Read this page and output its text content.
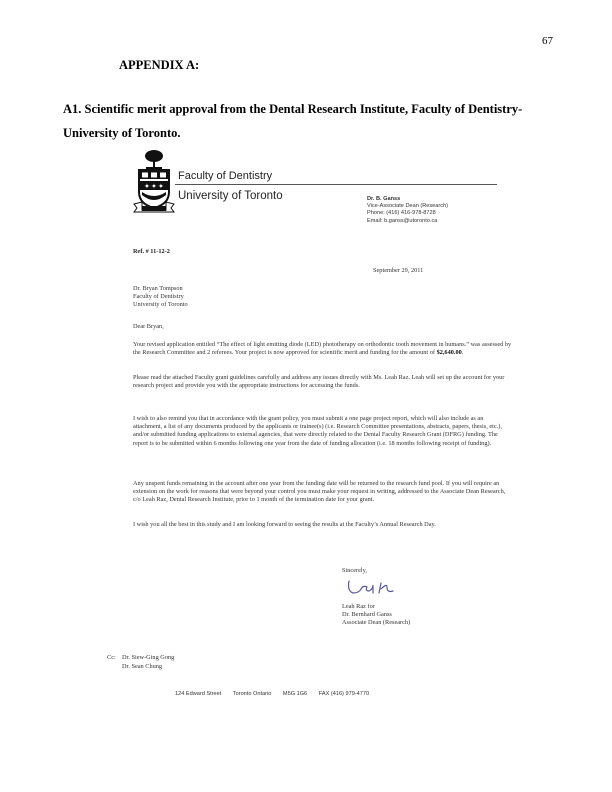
67
APPENDIX A:
A1. Scientific merit approval from the Dental Research Institute, Faculty of Dentistry-University of Toronto.
✦ ✦ ✦
Faculty of Dentistry
University of Toronto	Dr. B. Ganss
Vice-Associate Dean (Research)
Phone: (416) 416-978-8728
Email: b.ganss@utoronto.ca
Ref. # 11-12-2
September 29, 2011
Dr. Bryan Tompson
Faculty of Dentistry
University of Toronto
Dear Bryan,
Your revised application entitled “The effect of light emitting diode (LED) phototherapy on orthodontic tooth movement in humans.” was assessed by the Research Committee and 2 referees. Your project is now approved for scientific merit and funding for the amount of $2,640.00.
Please read the attached Faculty grant guidelines carefully and address any issues directly with Ms. Leah Raz. Leah will set up the account for your research project and provide you with the appropriate instructions for accessing the funds.
I wish to also remind you that in accordance with the grant policy, you must submit a one page project report, which will also include as an attachment, a list of any documents produced by the applicants or trainee(s) (i.e. Research Committee presentations, abstracts, papers, thesis, etc.), and/or submitted funding applications to external agencies, that were directly related to the Dental Faculty Research Grant (DFRG) funding. The report is to be submitted within 6 months following one year from the date of funding allocation (i.e. 18 months following receipt of funding).
Any unspent funds remaining in the account after one year from the funding date will be returned to the research fund pool. If you will require an extension on the work for reasons that were beyond your control you must make your request in writing, addressed to the Associate Dean Research, c/o Leah Raz, Dental Research Institute, prior to 1 month of the termination date for your grant.
I wish you all the best in this study and I am looking forward to seeing the results at the Faculty’s Annual Research Day.
Sincerely,
Leah Raz for
Dr. Bernhard Ganss
Associate Dean (Research)
Cc: Dr. Siew-Ging Gong
Dr. Sean Chung
124 Edward Street Toronto Ontario M5G 1G6 FAX (416) 979-4770
